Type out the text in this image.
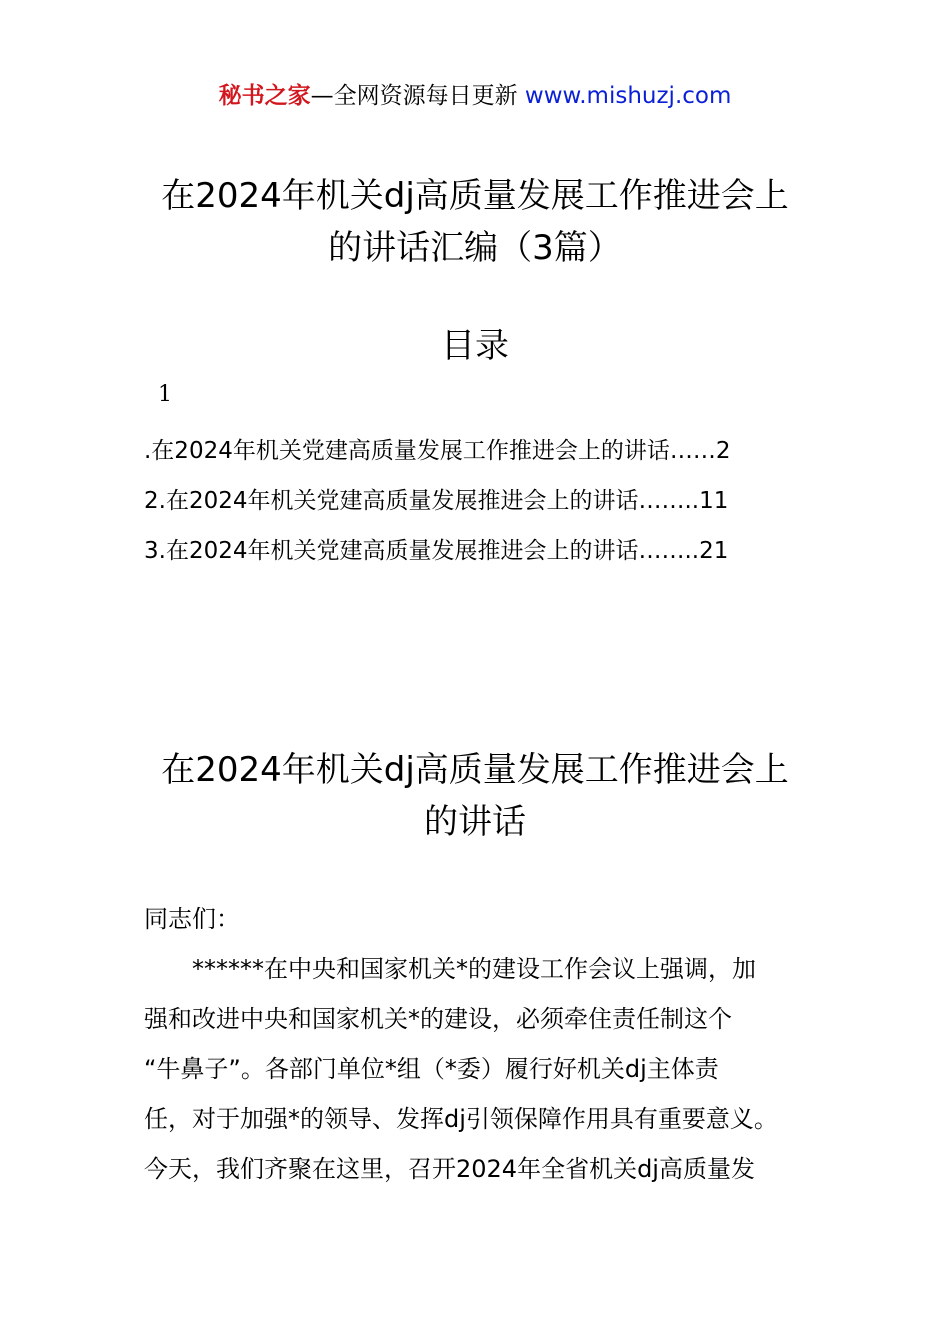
秘书之家—全网资源每日更新 www.mishuzj.com
在2024年机关dj高质量发展工作推进会上
的讲话汇编（3篇）
目录
1
.在2024年机关党建高质量发展工作推进会上的讲话……2
2.在2024年机关党建高质量发展推进会上的讲话……..11
3.在2024年机关党建高质量发展推进会上的讲话……..21
在2024年机关dj高质量发展工作推进会上
的讲话

同志们：

******在中央和国家机关*的建设工作会议上强调，加
强和改进中央和国家机关*的建设，必须牵住责任制这个
“牛鼻子”。各部门单位*组（*委）履行好机关dj主体责
任，对于加强*的领导、发挥dj引领保障作用具有重要意义。
今天，我们齐聚在这里，召开2024年全省机关dj高质量发
